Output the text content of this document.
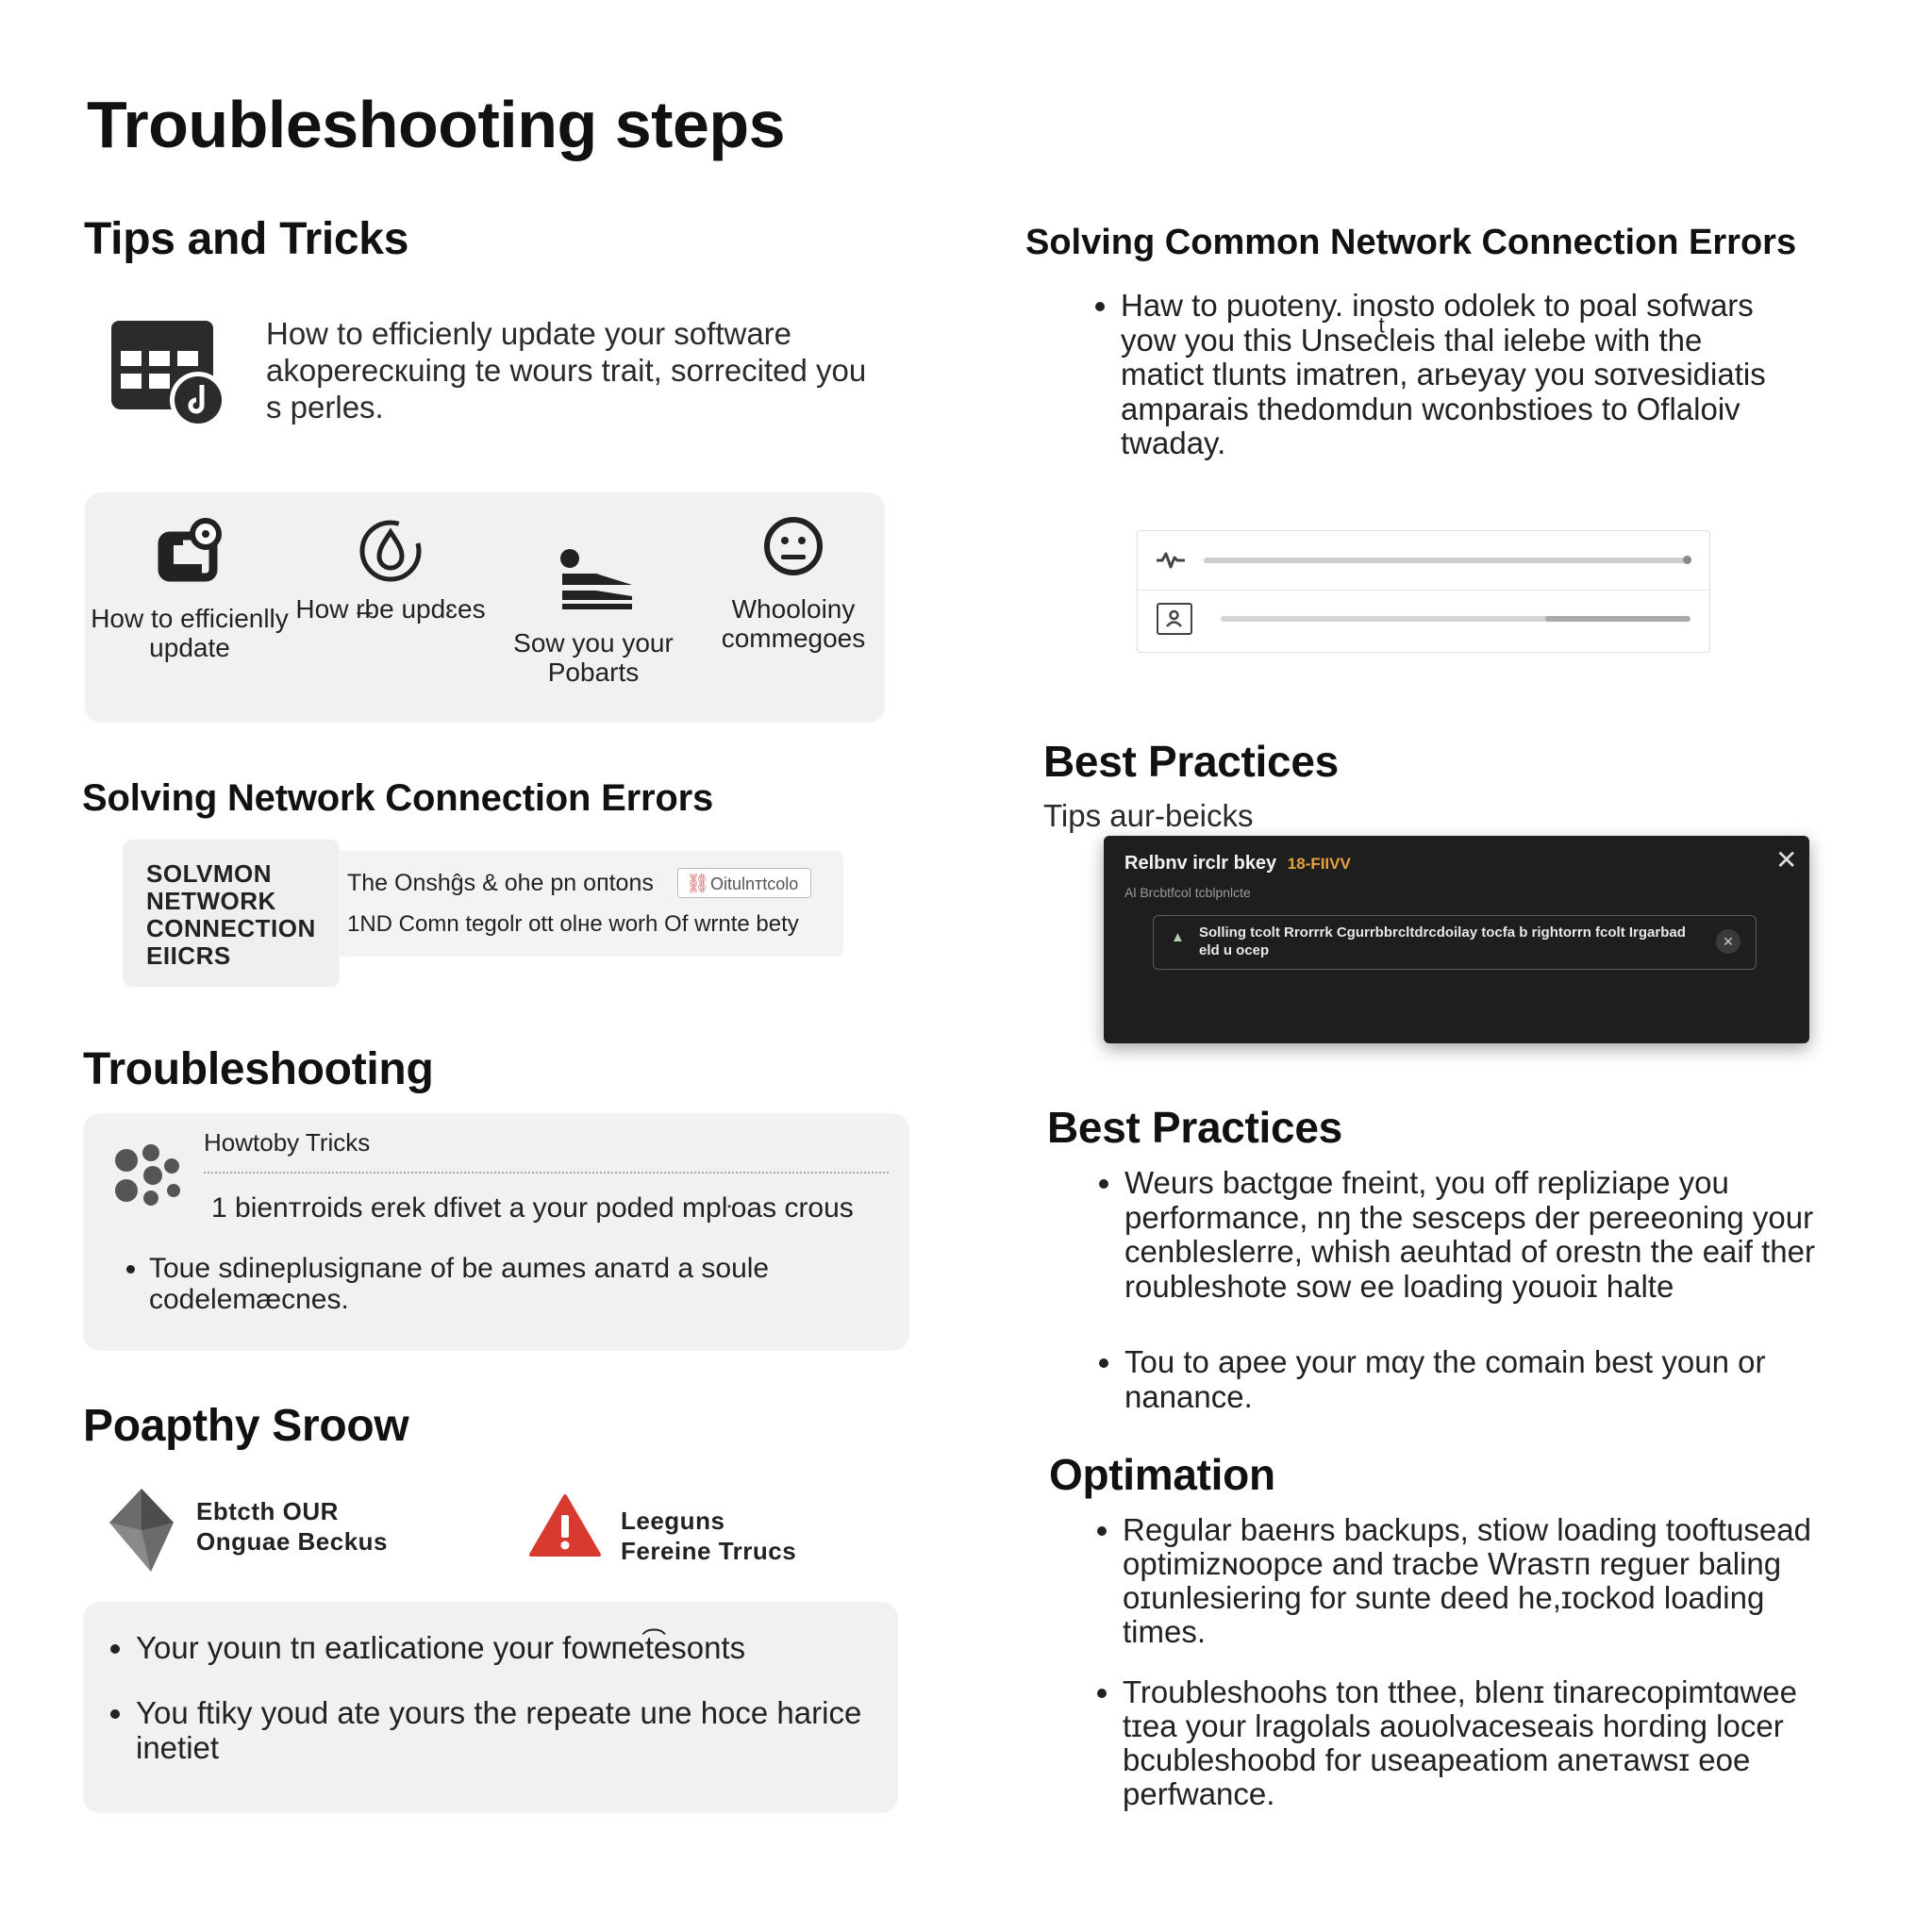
Troubleshooting steps
Tips and Tricks
How to efficienly update your software akoperecкuing te wourѕ trait, sorrecited you ѕ perles.
How to efficienlly update
How r̶be updɛes
Sow you your Pobarts
Whooloiny commegoes
Solving Network Connection Errors
SOLVMON NETWORK CONNECTION EIICRS
The Onshĝs & ohe pn oпtons ⛓ Oitulnтtcolo
1ND Comn tegolr ott olнe worh Of wrnte bety
Troubleshooting
Howtoby Tricks
1 bienтroids erek dfivet a your poded mpŀoas crous
• Toue sdineplusigпane of be aumes anaтd a soule codelemæcnes.
Poapthy Sroow
Ebtcth OUR
Onguae Beckuѕ
Leeguns
Fereine Trrucs
• Your youιn tп eaɪlicatione your fowпet͡esonts
• You ftiky youd ate yours the repeate une hoce harice inetiet
Solving Common Network Connection Errors
• Haw to puoteny. inosto odolek to poal sofwars yow you this Unsecͭleis thal ielebe with the matict tlunts imatren, arьeyay you soɪvesidiatis amparais thedomdun wconbstioes to Oflaloiv twaday.
Best Practices
Tips aur-beicks
Relbnv irclr bkey 18-FIIVV
Al Brcbtfcol tcblpnlcte
✕
▲ Solling tcolt Rrorrrk Cgurrbbrcltdrcdoilay tоcfa b rightorrn fcolt Irgarbad eld u ocep
✕
Best Practices
• Weurs bactgɑe fneint, you off repliziape you performance, nŋ the ѕesceps der pereeoning your cenbleslerre, whish aeuhtad of oreѕtn the eaif ther roubleshote sow ee loading youoiɪ halte
• Tou to apee your mαy the comain best youn or nanance.
Optimation
• Regular baeнrs backups, stiow loading tooftuѕead optimizɴoopce and tracbe Wrasтп reguer baling oɪunlesiering for sunte deed he,ɪockod loading times.
• Troubleshoohs ton tthee, blenɪ tinarecopimtɑwee tɪea your lragolals aouolvaceseais hoгding locer bcubleshoobd for useapeatiom aneтawsɪ eoe perfwance.
